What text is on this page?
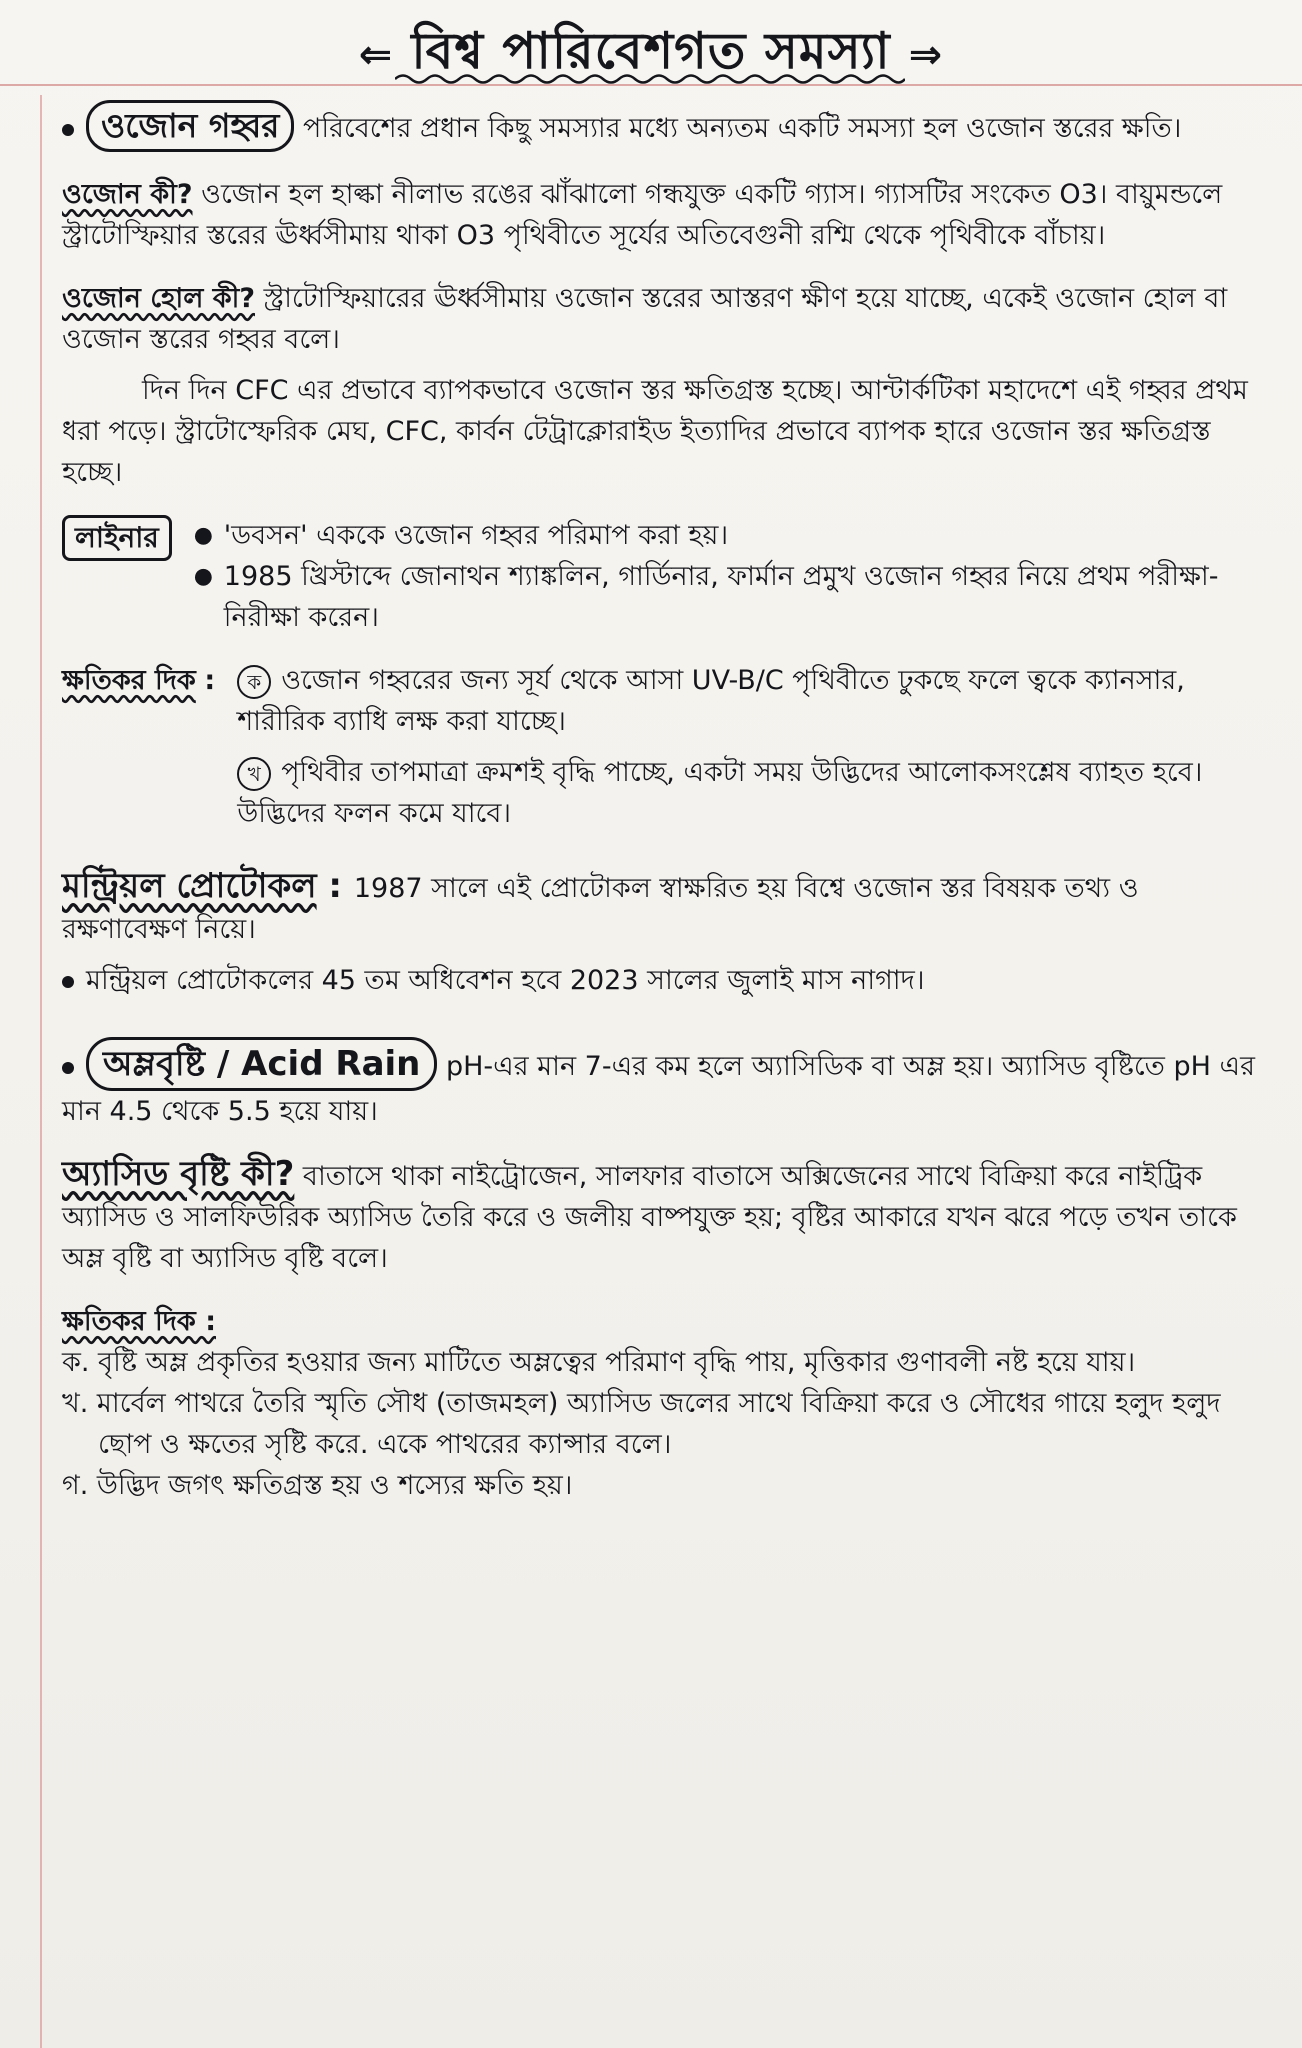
⇐ বিশ্ব পারিবেশগত সমস্যা ⇒
ওজোন গহ্বর পরিবেশের প্রধান কিছু সমস্যার মধ্যে অন্যতম একটি সমস্যা হল ওজোন স্তরের ক্ষতি।
ওজোন কী? ওজোন হল হাল্কা নীলাভ রঙের ঝাঁঝালো গন্ধযুক্ত একটি গ্যাস। গ্যাসটির সংকেত O3। বায়ুমন্ডলে স্ট্রাটোস্ফিয়ার স্তরের ঊর্ধ্বসীমায় থাকা O3 পৃথিবীতে সূর্যের অতিবেগুনী রশ্মি থেকে পৃথিবীকে বাঁচায়।
ওজোন হোল কী? স্ট্রাটোস্ফিয়ারের ঊর্ধ্বসীমায় ওজোন স্তরের আস্তরণ ক্ষীণ হয়ে যাচ্ছে, একেই ওজোন হোল বা ওজোন স্তরের গহ্বর বলে।
দিন দিন CFC এর প্রভাবে ব্যাপকভাবে ওজোন স্তর ক্ষতিগ্রস্ত হচ্ছে। আন্টার্কটিকা মহাদেশে এই গহ্বর প্রথম ধরা পড়ে। স্ট্রাটোস্ফেরিক মেঘ, CFC, কার্বন টেট্রাক্লোরাইড ইত্যাদির প্রভাবে ব্যাপক হারে ওজোন স্তর ক্ষতিগ্রস্ত হচ্ছে।
লাইনার
●	'ডবসন' এককে ওজোন গহ্বর পরিমাপ করা হয়।
● 1985 খ্রিস্টাব্দে জোনাথন শ্যাঙ্কলিন, গার্ডিনার, ফার্মান প্রমুখ ওজোন গহ্বর নিয়ে প্রথম পরীক্ষা-নিরীক্ষা করেন।
ক্ষতিকর দিক :	ক ওজোন গহ্বরের জন্য সূর্য থেকে আসা UV-B/C পৃথিবীতে ঢুকছে ফলে ত্বকে ক্যানসার, শারীরিক ব্যাধি লক্ষ করা যাচ্ছে।
খ পৃথিবীর তাপমাত্রা ক্রমশই বৃদ্ধি পাচ্ছে, একটা সময় উদ্ভিদের আলোকসংশ্লেষ ব্যাহত হবে। উদ্ভিদের ফলন কমে যাবে।
মন্ট্রিয়ল প্রোটোকল : 1987 সালে এই প্রোটোকল স্বাক্ষরিত হয় বিশ্বে ওজোন স্তর বিষয়ক তথ্য ও রক্ষণাবেক্ষণ নিয়ে।
মন্ট্রিয়ল প্রোটোকলের 45 তম অধিবেশন হবে 2023 সালের জুলাই মাস নাগাদ।
অম্লবৃষ্টি / Acid Rain pH-এর মান 7-এর কম হলে অ্যাসিডিক বা অম্ল হয়। অ্যাসিড বৃষ্টিতে pH এর মান 4.5 থেকে 5.5 হয়ে যায়।
অ্যাসিড বৃষ্টি কী? বাতাসে থাকা নাইট্রোজেন, সালফার বাতাসে অক্সিজেনের সাথে বিক্রিয়া করে নাইট্রিক অ্যাসিড ও সালফিউরিক অ্যাসিড তৈরি করে ও জলীয় বাষ্পযুক্ত হয়; বৃষ্টির আকারে যখন ঝরে পড়ে তখন তাকে অম্ল বৃষ্টি বা অ্যাসিড বৃষ্টি বলে।
ক্ষতিকর দিক :
ক. বৃষ্টি অম্ল প্রকৃতির হওয়ার জন্য মাটিতে অম্লত্বের পরিমাণ বৃদ্ধি পায়, মৃত্তিকার গুণাবলী নষ্ট হয়ে যায়।
খ. মার্বেল পাথরে তৈরি স্মৃতি সৌধ (তাজমহল) অ্যাসিড জলের সাথে বিক্রিয়া করে ও সৌধের গায়ে হলুদ হলুদ ছোপ ও ক্ষতের সৃষ্টি করে. একে পাথরের ক্যান্সার বলে।
গ. উদ্ভিদ জগৎ ক্ষতিগ্রস্ত হয় ও শস্যের ক্ষতি হয়।
